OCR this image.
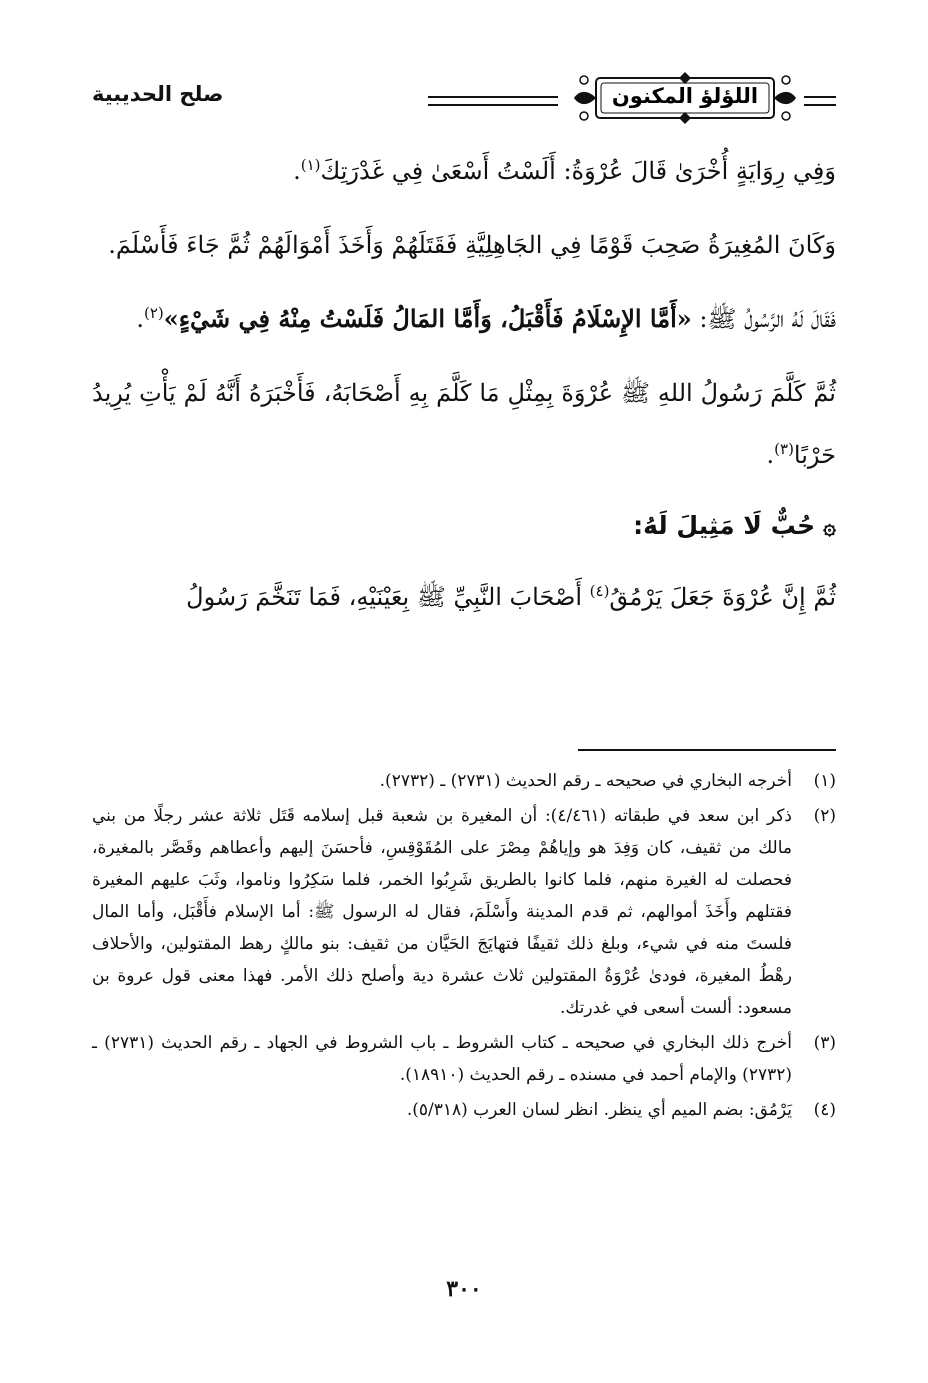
اللؤلؤ المكنون
صلح الحديبية

وَفِي رِوَايَةٍ أُخْرَىٰ قَالَ عُرْوَةُ: أَلَسْتُ أَسْعَىٰ فِي غَدْرَتِكَ$^{(١)}$.

وَكَانَ المُغِيرَةُ صَحِبَ قَوْمًا فِي الجَاهِلِيَّةِ فَقَتَلَهُمْ وَأَخَذَ أَمْوَالَهُمْ ثُمَّ جَاءَ فَأَسْلَمَ.

فَقَالَ لَهُ الرَّسُولُ ﷺ: «أَمَّا الإِسْلَامُ فَأَقْبَلُ، وَأَمَّا المَالُ فَلَسْتُ مِنْهُ فِي شَيْءٍ»$^{(٢)}$.

ثُمَّ كَلَّمَ رَسُولُ اللهِ ﷺ عُرْوَةَ بِمِثْلِ مَا كَلَّمَ بِهِ أَصْحَابَهُ، فَأَخْبَرَهُ أَنَّهُ لَمْ يَأْتِ يُرِيدُ حَرْبًا$^{(٣)}$.

۞حُبٌّ لَا مَثِيلَ لَهُ:

ثُمَّ إِنَّ عُرْوَةَ جَعَلَ يَرْمُقُ$^{(٤)}$ أَصْحَابَ النَّبِيِّ ﷺ بِعَيْنَيْهِ، فَمَا تَنَخَّمَ رَسُولُ

(١)
أخرجه البخاري في صحيحه ـ رقم الحديث (٢٧٣١) ـ (٢٧٣٢).
(٢)
ذكر ابن سعد في طبقاته (٤/٤٦١): أن المغيرة بن شعبة قبل إسلامه قَتَل ثلاثة عشر رجلًا من بني مالك من ثقيف، كان وَفِدَ هو وإياهُمْ مِصْرَ على المُقَوْقِسِ، فأحسَنَ إليهم وأعطاهم وقَصَّر بالمغيرة، فحصلت له الغيرة منهم، فلما كانوا بالطريق شَرِبُوا الخمر، فلما سَكِرُوا وناموا، وثَبَ عليهم المغيرة فقتلهم وأَخَذَ أموالهم، ثم قدم المدينة وأَسْلَمَ، فقال له الرسول ﷺ: أما الإسلام فأَقْبَل، وأما المال فلستَ منه في شيء، وبلغ ذلك ثقيفًا فتهايَجَ الحَيَّان من ثقيف: بنو مالكٍ رهط المقتولين، والأحلاف رهْطُ المغيرة، فودىٰ عُرْوَةُ المقتولين ثلاث عشرة دية وأصلح ذلك الأمر. فهذا معنى قول عروة بن مسعود: ألست أسعى في غدرتك.
(٣)
أخرج ذلك البخاري في صحيحه ـ كتاب الشروط ـ باب الشروط في الجهاد ـ رقم الحديث (٢٧٣١) ـ (٢٧٣٢) والإمام أحمد في مسنده ـ رقم الحديث (١٨٩١٠).
(٤)
يَرْمُق: بضم الميم أي ينظر. انظر لسان العرب (٥/٣١٨).
٣٠٠
